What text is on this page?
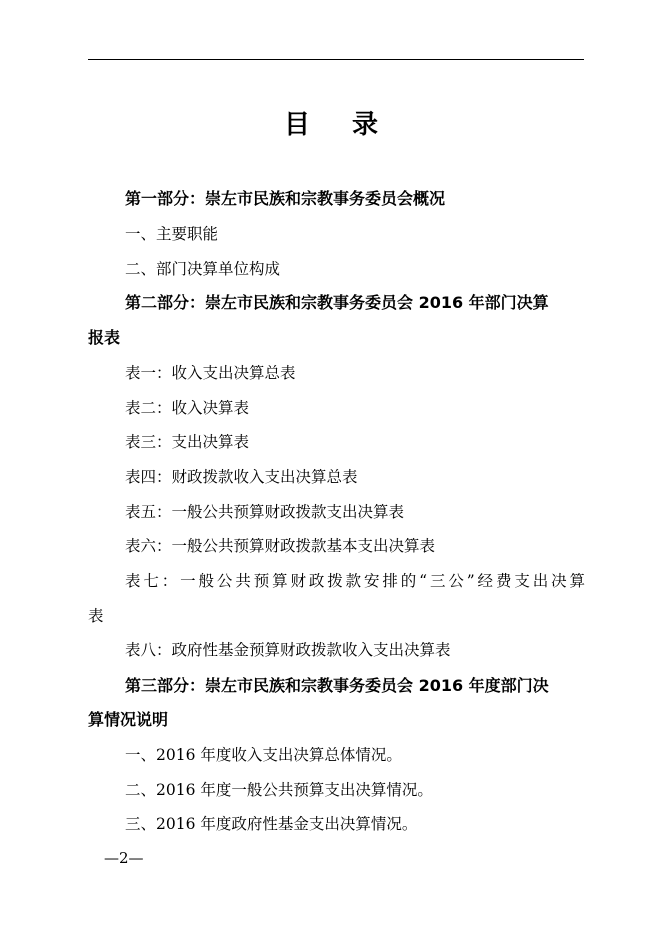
目 录
第一部分：崇左市民族和宗教事务委员会概况
一、主要职能
二、部门决算单位构成
第二部分：崇左市民族和宗教事务委员会 2016 年部门决算
报表
表一：收入支出决算总表
表二：收入决算表
表三：支出决算表
表四：财政拨款收入支出决算总表
表五：一般公共预算财政拨款支出决算表
表六：一般公共预算财政拨款基本支出决算表
表七：一般公共预算财政拨款安排的“三公”经费支出决算
表
表八：政府性基金预算财政拨款收入支出决算表
第三部分：崇左市民族和宗教事务委员会 2016 年度部门决
算情况说明
一、2016 年度收入支出决算总体情况。
二、2016 年度一般公共预算支出决算情况。
三、2016 年度政府性基金支出决算情况。
—2—
